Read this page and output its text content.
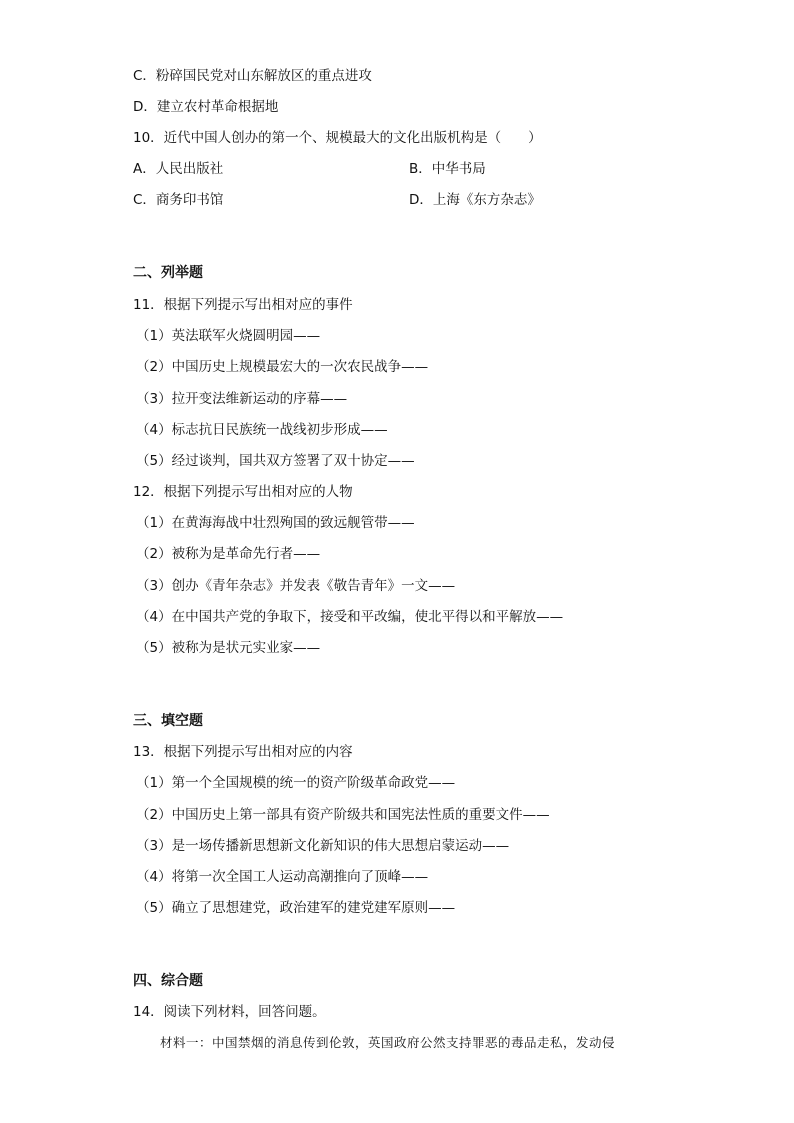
C．粉碎国民党对山东解放区的重点进攻
D．建立农村革命根据地
10．近代中国人创办的第一个、规模最大的文化出版机构是（　　）
A．人民出版社	B．中华书局
C．商务印书馆	D．上海《东方杂志》
二、列举题
11．根据下列提示写出相对应的事件
（1）英法联军火烧圆明园——
（2）中国历史上规模最宏大的一次农民战争——
（3）拉开变法维新运动的序幕——
（4）标志抗日民族统一战线初步形成——
（5）经过谈判，国共双方签署了双十协定——
12．根据下列提示写出相对应的人物
（1）在黄海海战中壮烈殉国的致远舰管带——
（2）被称为是革命先行者——
（3）创办《青年杂志》并发表《敬告青年》一文——
（4）在中国共产党的争取下，接受和平改编，使北平得以和平解放——
（5）被称为是状元实业家——
三、填空题
13．根据下列提示写出相对应的内容
（1）第一个全国规模的统一的资产阶级革命政党——
（2）中国历史上第一部具有资产阶级共和国宪法性质的重要文件——
（3）是一场传播新思想新文化新知识的伟大思想启蒙运动——
（4）将第一次全国工人运动高潮推向了顶峰——
（5）确立了思想建党，政治建军的建党建军原则——
四、综合题
14．阅读下列材料，回答问题。
材料一：中国禁烟的消息传到伦敦，英国政府公然支持罪恶的毒品走私，发动侵
